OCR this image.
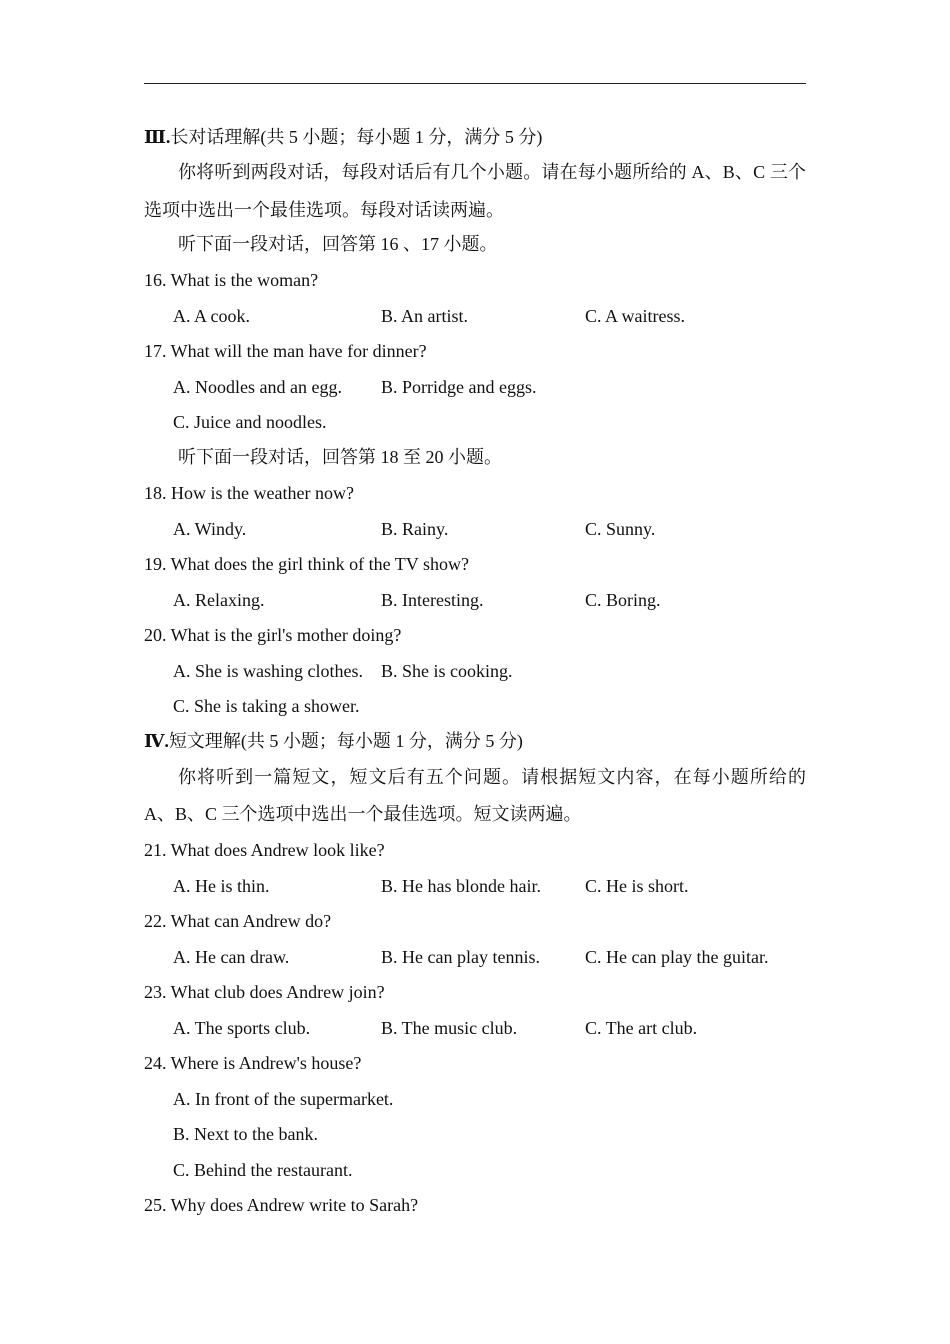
Ⅲ.长对话理解(共 5 小题；每小题 1 分，满分 5 分)
你将听到两段对话，每段对话后有几个小题。请在每小题所给的 A、B、C 三个
选项中选出一个最佳选项。每段对话读两遍。
听下面一段对话，回答第 16 、17 小题。
16. What is the woman?
A. A cook.	B. An artist.	C. A waitress.
17. What will the man have for dinner?
A. Noodles and an egg. B. Porridge and eggs.
C. Juice and noodles.
听下面一段对话，回答第 18 至 20 小题。
18. How is the weather now?
A. Windy.	B. Rainy.	C. Sunny.
19. What does the girl think of the TV show?
A. Relaxing.	B. Interesting.	C. Boring.
20. What is the girl's mother doing?
A. She is washing clothes. B. She is cooking.
C. She is taking a shower.
Ⅳ.短文理解(共 5 小题；每小题 1 分，满分 5 分)
你将听到一篇短文，短文后有五个问题。请根据短文内容，在每小题所给的
A、B、C 三个选项中选出一个最佳选项。短文读两遍。
21. What does Andrew look like?
A. He is thin.	B. He has blonde hair. C. He is short.
22. What can Andrew do?
A. He can draw.	B. He can play tennis.	C. He can play the guitar.
23. What club does Andrew join?
A. The sports club.	B. The music club.	C. The art club.
24. Where is Andrew's house?
A. In front of the supermarket.
B. Next to the bank.
C. Behind the restaurant.
25. Why does Andrew write to Sarah?
